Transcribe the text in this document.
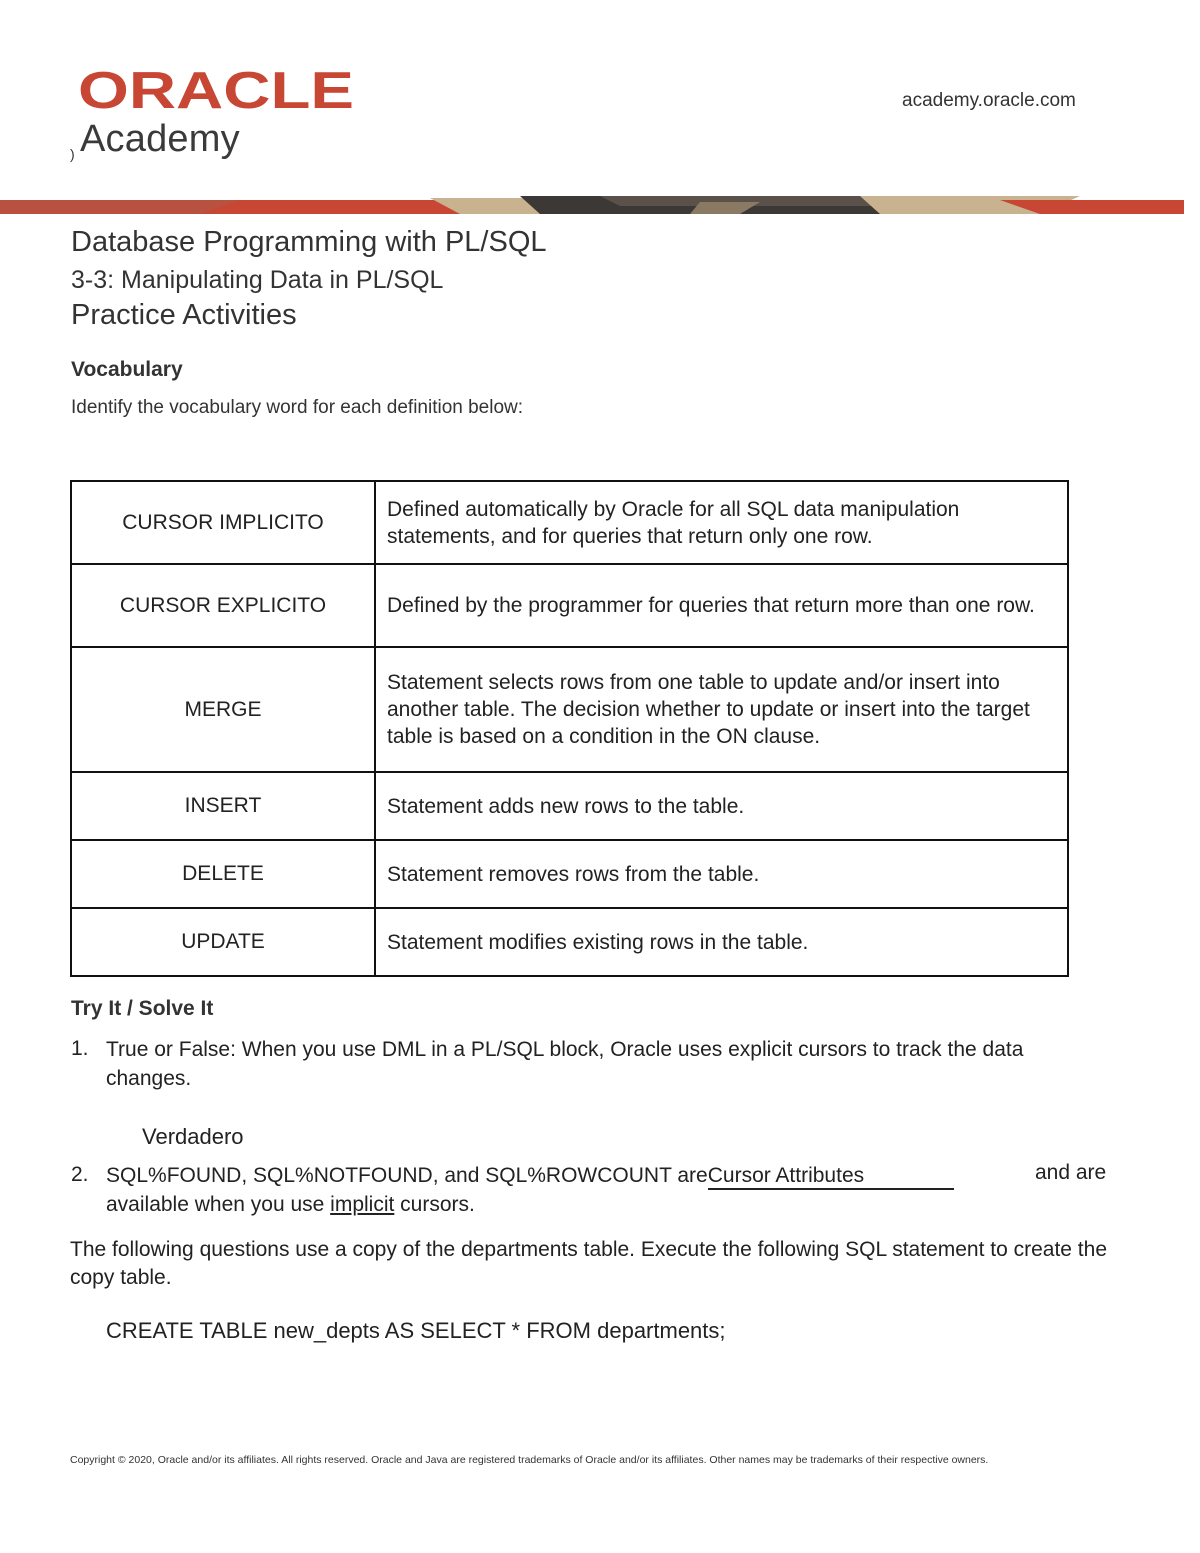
ORACLE
) Academy
academy.oracle.com
Database Programming with PL/SQL
3-3: Manipulating Data in PL/SQL
Practice Activities
Vocabulary
Identify the vocabulary word for each definition below:
CURSOR IMPLICITO	Defined automatically by Oracle for all SQL data manipulation statements, and for queries that return only one row.
CURSOR EXPLICITO	Defined by the programmer for queries that return more than one row.
MERGE	Statement selects rows from one table to update and/or insert into another table. The decision whether to update or insert into the target table is based on a condition in the ON clause.
INSERT	Statement adds new rows to the table.
DELETE	Statement removes rows from the table.
UPDATE	Statement modifies existing rows in the table.
Try It / Solve It
1. True or False: When you use DML in a PL/SQL block, Oracle uses explicit cursors to track the data changes.
Verdadero
2. SQL%FOUND, SQL%NOTFOUND, and SQL%ROWCOUNT areCursor Attributes	and are
available when you use implicit cursors.
The following questions use a copy of the departments table. Execute the following SQL statement to create the copy table.
CREATE TABLE new_depts AS SELECT * FROM departments;
Copyright © 2020, Oracle and/or its affiliates. All rights reserved. Oracle and Java are registered trademarks of Oracle and/or its affiliates. Other names may be trademarks of their respective owners.
